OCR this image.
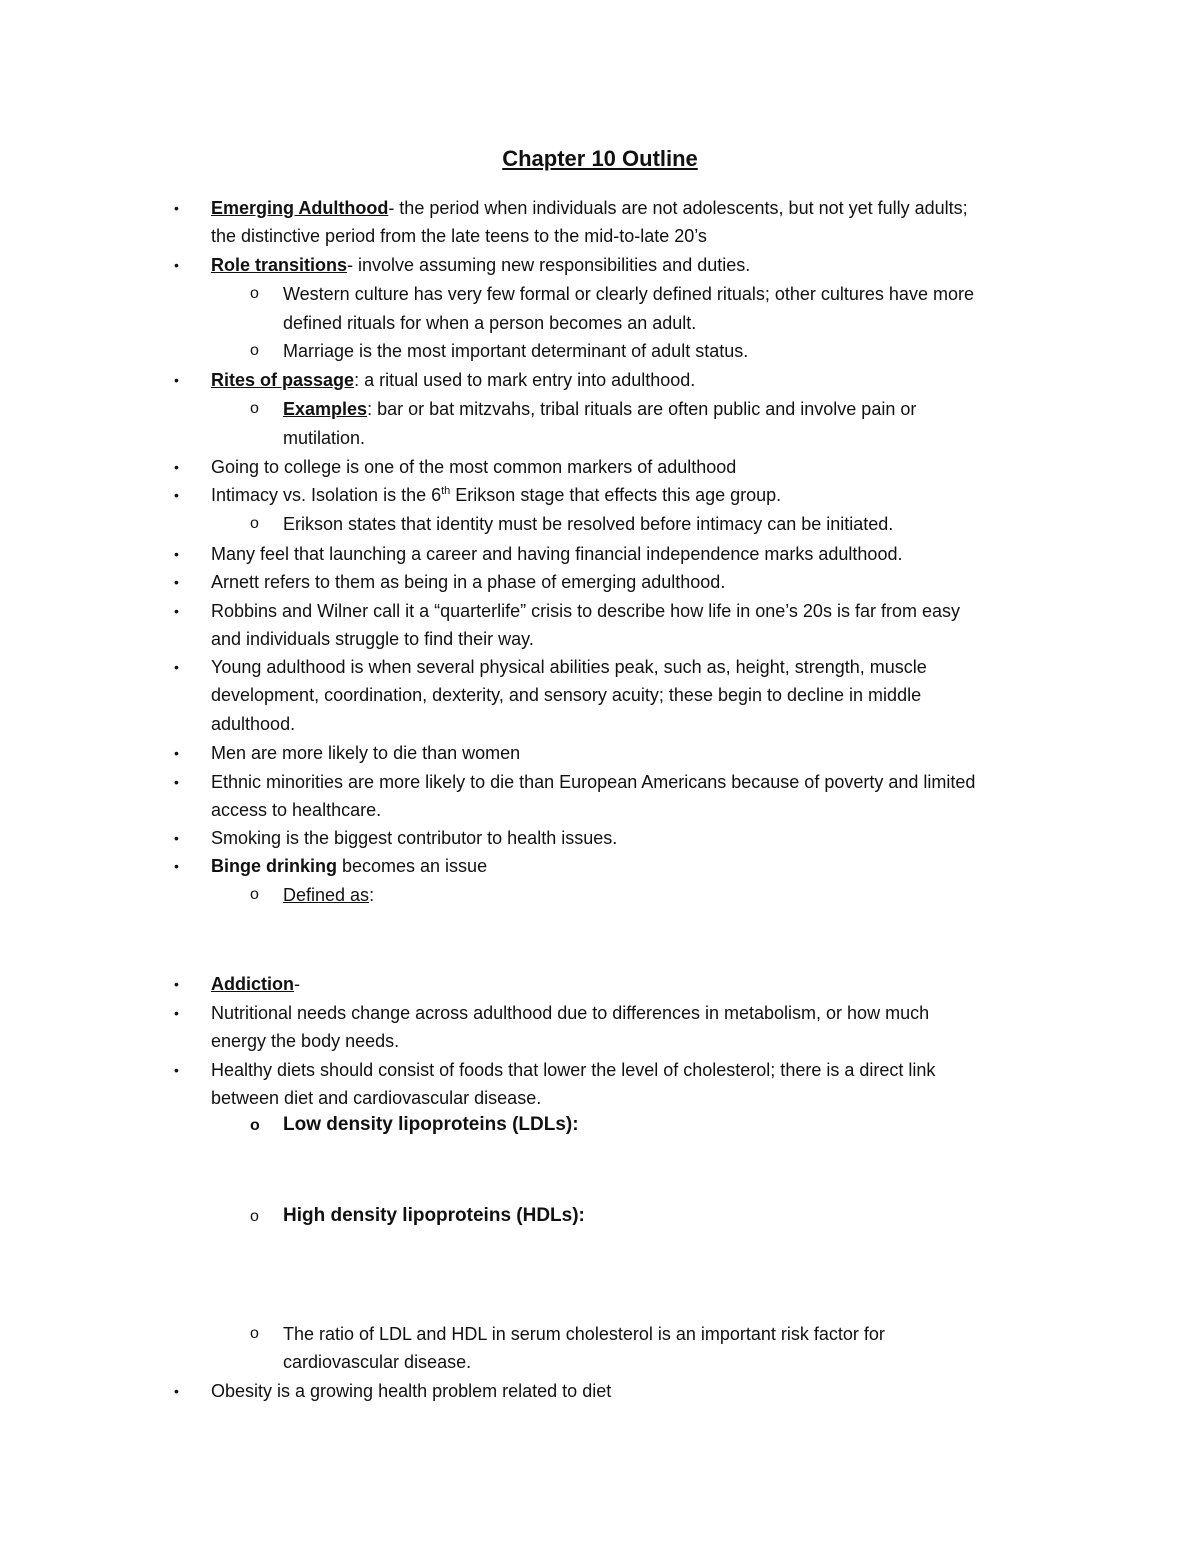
Chapter 10 Outline
• Emerging Adulthood- the period when individuals are not adolescents, but not yet fully adults;
the distinctive period from the late teens to the mid-to-late 20’s
• Role transitions- involve assuming new responsibilities and duties.
o Western culture has very few formal or clearly defined rituals; other cultures have more
defined rituals for when a person becomes an adult.
o Marriage is the most important determinant of adult status.
• Rites of passage: a ritual used to mark entry into adulthood.
o Examples: bar or bat mitzvahs, tribal rituals are often public and involve pain or
mutilation.
• Going to college is one of the most common markers of adulthood
• Intimacy vs. Isolation is the 6th Erikson stage that effects this age group.
o Erikson states that identity must be resolved before intimacy can be initiated.
• Many feel that launching a career and having financial independence marks adulthood.
• Arnett refers to them as being in a phase of emerging adulthood.
• Robbins and Wilner call it a “quarterlife” crisis to describe how life in one’s 20s is far from easy
and individuals struggle to find their way.
• Young adulthood is when several physical abilities peak, such as, height, strength, muscle
development, coordination, dexterity, and sensory acuity; these begin to decline in middle
adulthood.
• Men are more likely to die than women
• Ethnic minorities are more likely to die than European Americans because of poverty and limited
access to healthcare.
• Smoking is the biggest contributor to health issues.
• Binge drinking becomes an issue
o Defined as:
• Addiction-
• Nutritional needs change across adulthood due to differences in metabolism, or how much
energy the body needs.
• Healthy diets should consist of foods that lower the level of cholesterol; there is a direct link
between diet and cardiovascular disease.
o Low density lipoproteins (LDLs):
o High density lipoproteins (HDLs):
o The ratio of LDL and HDL in serum cholesterol is an important risk factor for
cardiovascular disease.
• Obesity is a growing health problem related to diet
